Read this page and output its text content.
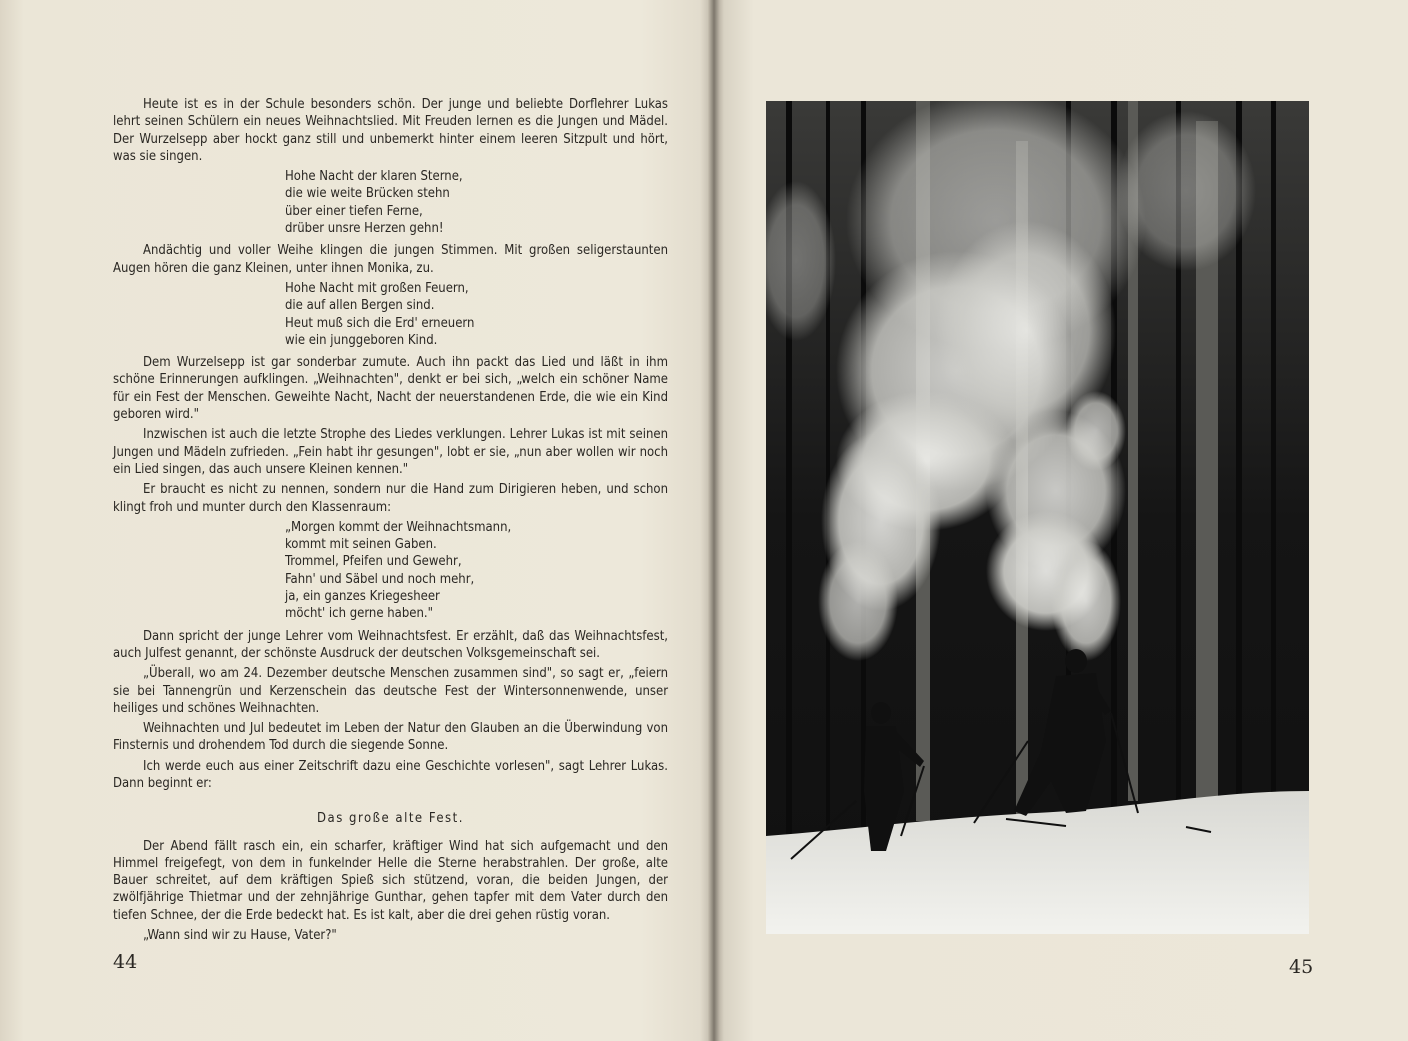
Heute ist es in der Schule besonders schön. Der junge und beliebte Dorflehrer Lukas lehrt seinen Schülern ein neues Weihnachtslied. Mit Freuden lernen es die Jungen und Mädel. Der Wurzelsepp aber hockt ganz still und unbemerkt hinter einem leeren Sitzpult und hört, was sie singen.

Hohe Nacht der klaren Sterne,
die wie weite Brücken stehn
über einer tiefen Ferne,
drüber unsre Herzen gehn!

Andächtig und voller Weihe klingen die jungen Stimmen. Mit großen seligerstaunten Augen hören die ganz Kleinen, unter ihnen Monika, zu.

Hohe Nacht mit großen Feuern,
die auf allen Bergen sind.
Heut muß sich die Erd' erneuern
wie ein junggeboren Kind.

Dem Wurzelsepp ist gar sonderbar zumute. Auch ihn packt das Lied und läßt in ihm schöne Erinnerungen aufklingen. „Weihnachten", denkt er bei sich, „welch ein schöner Name für ein Fest der Menschen. Geweihte Nacht, Nacht der neuerstandenen Erde, die wie ein Kind geboren wird."

Inzwischen ist auch die letzte Strophe des Liedes verklungen. Lehrer Lukas ist mit seinen Jungen und Mädeln zufrieden. „Fein habt ihr gesungen", lobt er sie, „nun aber wollen wir noch ein Lied singen, das auch unsere Kleinen kennen."

Er braucht es nicht zu nennen, sondern nur die Hand zum Dirigieren heben, und schon klingt froh und munter durch den Klassenraum:

„Morgen kommt der Weihnachtsmann,
kommt mit seinen Gaben.
Trommel, Pfeifen und Gewehr,
Fahn' und Säbel und noch mehr,
ja, ein ganzes Kriegesheer
möcht' ich gerne haben."

Dann spricht der junge Lehrer vom Weihnachtsfest. Er erzählt, daß das Weihnachtsfest, auch Julfest genannt, der schönste Ausdruck der deutschen Volksgemeinschaft sei.

„Überall, wo am 24. Dezember deutsche Menschen zusammen sind", so sagt er, „feiern sie bei Tannengrün und Kerzenschein das deutsche Fest der Wintersonnenwende, unser heiliges und schönes Weihnachten.

Weihnachten und Jul bedeutet im Leben der Natur den Glauben an die Überwindung von Finsternis und drohendem Tod durch die siegende Sonne.

Ich werde euch aus einer Zeitschrift dazu eine Geschichte vorlesen", sagt Lehrer Lukas. Dann beginnt er:

Das große alte Fest.

Der Abend fällt rasch ein, ein scharfer, kräftiger Wind hat sich aufgemacht und den Himmel freigefegt, von dem in funkelnder Helle die Sterne herabstrahlen. Der große, alte Bauer schreitet, auf dem kräftigen Spieß sich stützend, voran, die beiden Jungen, der zwölfjährige Thietmar und der zehnjährige Gunthar, gehen tapfer mit dem Vater durch den tiefen Schnee, der die Erde bedeckt hat. Es ist kalt, aber die drei gehen rüstig voran.

„Wann sind wir zu Hause, Vater?"

44	45
